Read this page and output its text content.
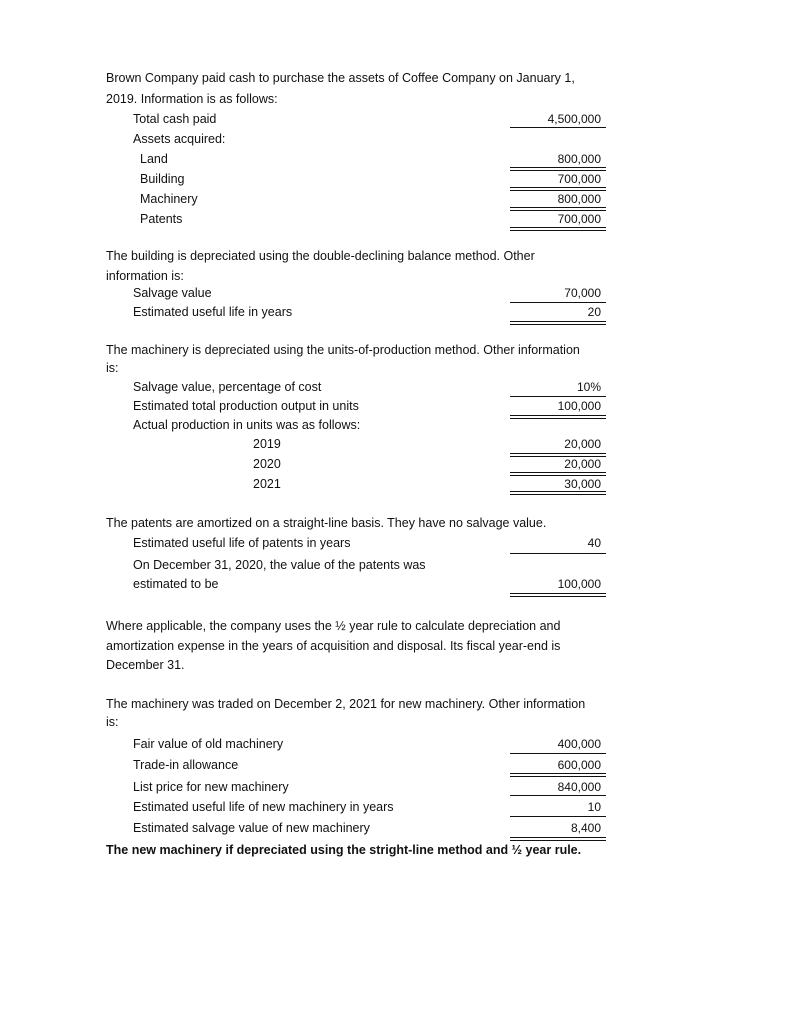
Brown Company paid cash to purchase the assets of Coffee Company on January 1,
2019. Information is as follows:
Total cash paid	4,500,000
Assets acquired:
Land	800,000
Building	700,000
Machinery	800,000
Patents	700,000
The building is depreciated using the double-declining balance method. Other
information is:
Salvage value	70,000
Estimated useful life in years	20
The machinery is depreciated using the units-of-production method. Other information
is:
Salvage value, percentage of cost	10%
Estimated total production output in units	100,000
Actual production in units was as follows:
2019	20,000
2020	20,000
2021	30,000
The patents are amortized on a straight-line basis. They have no salvage value.
Estimated useful life of patents in years	40
On December 31, 2020, the value of the patents was
estimated to be	100,000
Where applicable, the company uses the ½ year rule to calculate depreciation and
amortization expense in the years of acquisition and disposal. Its fiscal year-end is
December 31.
The machinery was traded on December 2, 2021 for new machinery. Other information
is:
Fair value of old machinery	400,000
Trade-in allowance	600,000
List price for new machinery	840,000
Estimated useful life of new machinery in years	10
Estimated salvage value of new machinery	8,400
The new machinery if depreciated using the stright-line method and ½ year rule.
